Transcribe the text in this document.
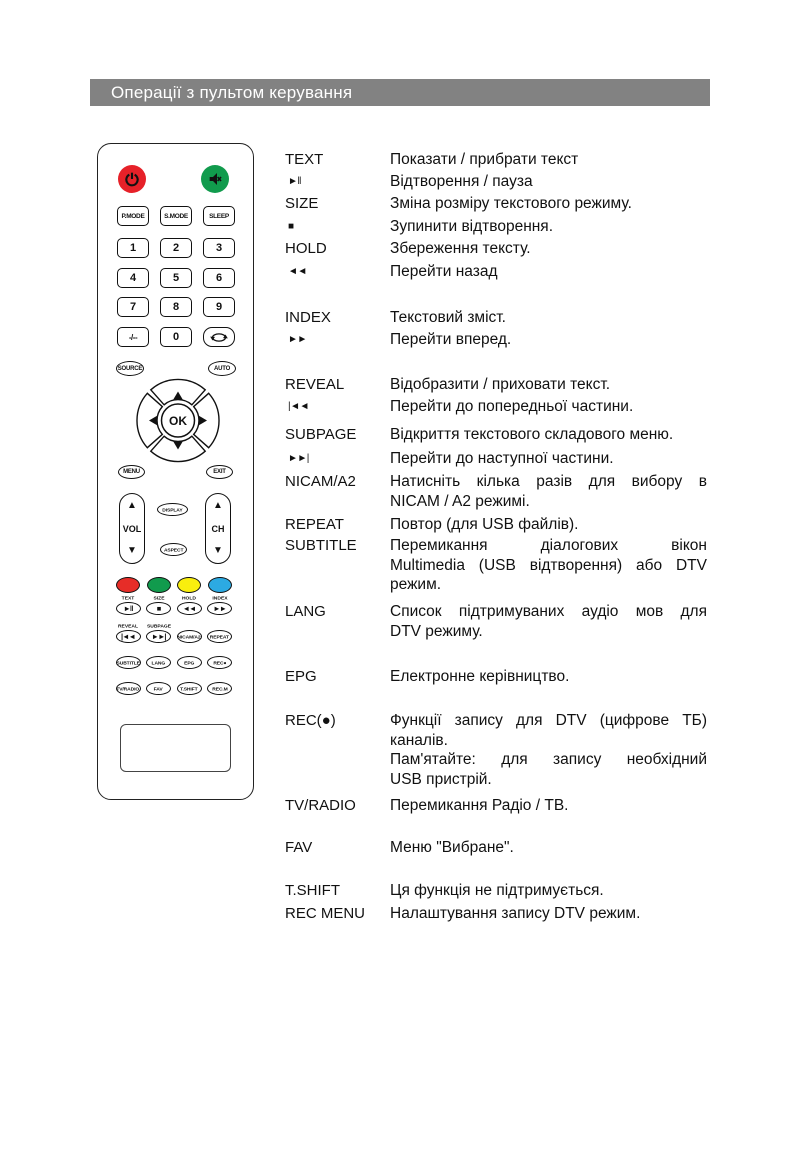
Операції з пультом керування
P.MODE	S.MODE	SLEEP
1	2	3
4	5	6
7	8	9
-/--	0
SOURCE	AUTO
OK
MENU	EXIT
▲
VOL
▼
▲
CH
▼
DISPLAY
ASPECT
TEXT	SIZE	HOLD	INDEX
►‖	■	◄◄ ►►
REVEAL SUBPAGE
|◄◄ ►►| NICAM/A2 REPEAT
SUBTITLE LANG EPG REC●
TV/RADIO FAV T.SHIFT REC.M
TEXT	Показати / прибрати текст
►‖	Відтворення / пауза
SIZE	Зміна розміру текстового режиму.
■	Зупинити відтворення.
HOLD	Збереження тексту.
◄◄	Перейти назад
INDEX	Текстовий зміст.
►►	Перейти вперед.
REVEAL	Відобразити / приховати текст.
|◄◄	Перейти до попередньої частини.
SUBPAGE	Відкриття текстового складового меню.
►►|	Перейти до наступної частини.
NICAM/A2	Натисніть кілька разів для вибору в
NICAM / A2 режимі.
REPEAT	Повтор (для USB файлів).
SUBTITLE	Перемикання діалогових вікон
Multimedia (USB відтворення) або DTV
режим.
LANG	Список підтримуваних аудіо мов для
DTV режиму.
EPG	Електронне керівництво.
REC(●)	Функції запису для DTV (цифрове ТБ)
каналів.
Пам'ятайте: для запису необхідний
USB пристрій.
TV/RADIO	Перемикання Радіо / ТВ.
FAV	Меню "Вибране".
T.SHIFT	Ця функція не підтримується.
REC MENU	Налаштування запису DTV режим.
